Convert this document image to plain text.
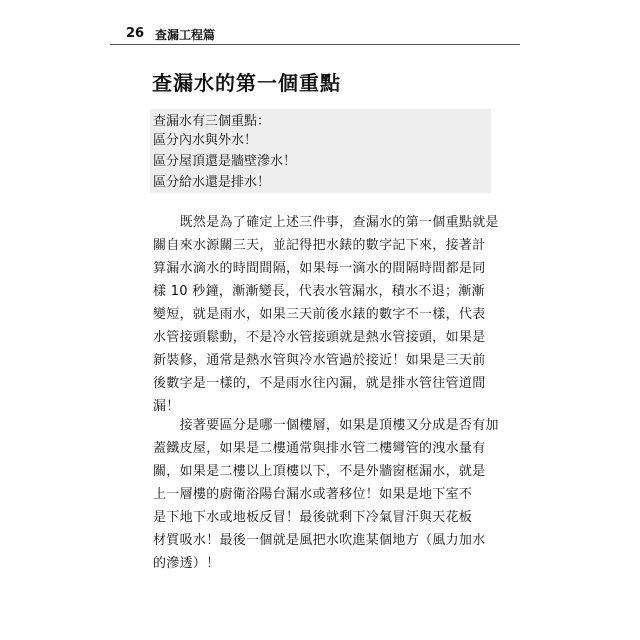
26 查漏工程篇
查漏水的第一個重點
查漏水有三個重點：
區分內水與外水！
區分屋頂還是牆壁滲水！
區分給水還是排水！
　　既然是為了確定上述三件事，查漏水的第一個重點就是
關自來水源關三天，並記得把水錶的數字記下來，接著計
算漏水滴水的時間間隔，如果每一滴水的間隔時間都是同
樣 10 秒鐘，漸漸變長，代表水管漏水，積水不退；漸漸
變短，就是雨水，如果三天前後水錶的數字不一樣，代表
水管接頭鬆動，不是冷水管接頭就是熱水管接頭，如果是
新裝修，通常是熱水管與冷水管過於接近！如果是三天前
後數字是一樣的，不是雨水往內漏，就是排水管往管道間
漏！
　　接著要區分是哪一個樓層，如果是頂樓又分成是否有加
蓋鐵皮屋，如果是二樓通常與排水管二樓彎管的洩水量有
關，如果是二樓以上頂樓以下，不是外牆窗框漏水，就是
上一層樓的廚衛浴陽台漏水或著移位！如果是地下室不
是下地下水或地板反冒！最後就剩下冷氣冒汗與天花板
材質吸水！最後一個就是風把水吹進某個地方（風力加水
的滲透）！
